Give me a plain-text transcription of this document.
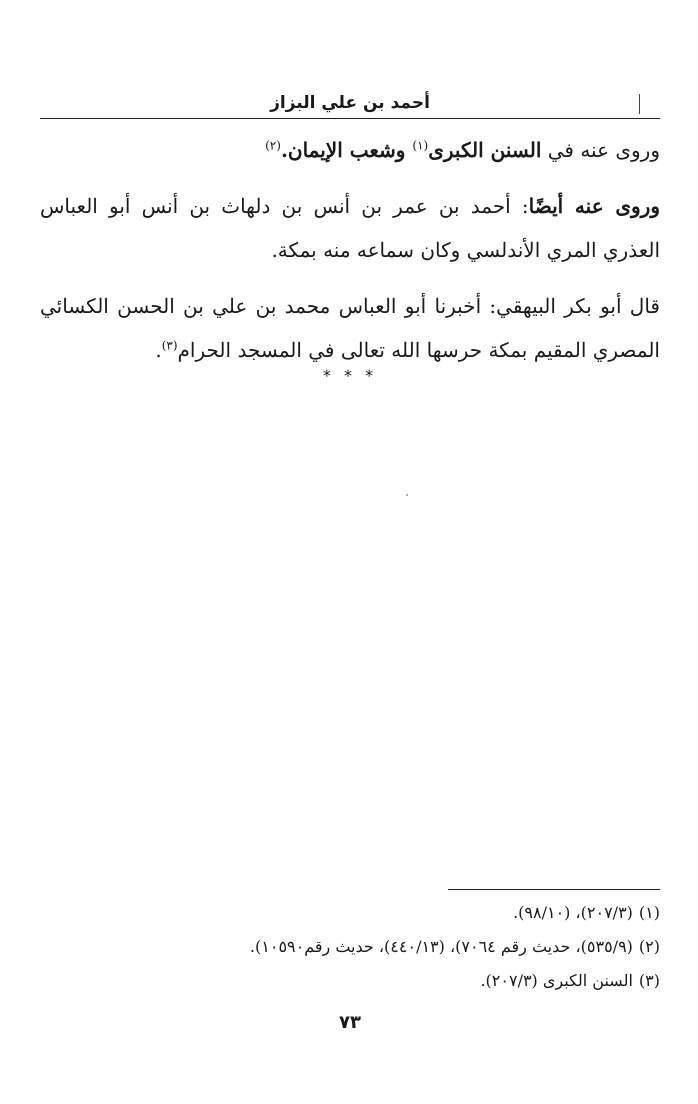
أحمد بن علي البزاز

وروى عنه في السنن الكبرى$^{(١)}$ وشعب الإيمان.$^{(٢)}$

وروى عنه أيضًا: أحمد بن عمر بن أنس بن دلهاث بن أنس أبو العباس العذري المري الأندلسي وكان سماعه منه بمكة.

قال أبو بكر البيهقي: أخبرنا أبو العباس محمد بن علي بن الحسن الكسائي المصري المقيم بمكة حرسها الله تعالى في المسجد الحرام$^{(٣)}$.

* * *

(١)(٢٠٧/٣)، (٩٨/١٠).

(٢)(٥٣٥/٩)، حديث رقم ٧٠٦٤)، (٤٤٠/١٣)، حديث رقم١٠٥٩٠).

(٣)السنن الكبرى (٢٠٧/٣).

٧٣
